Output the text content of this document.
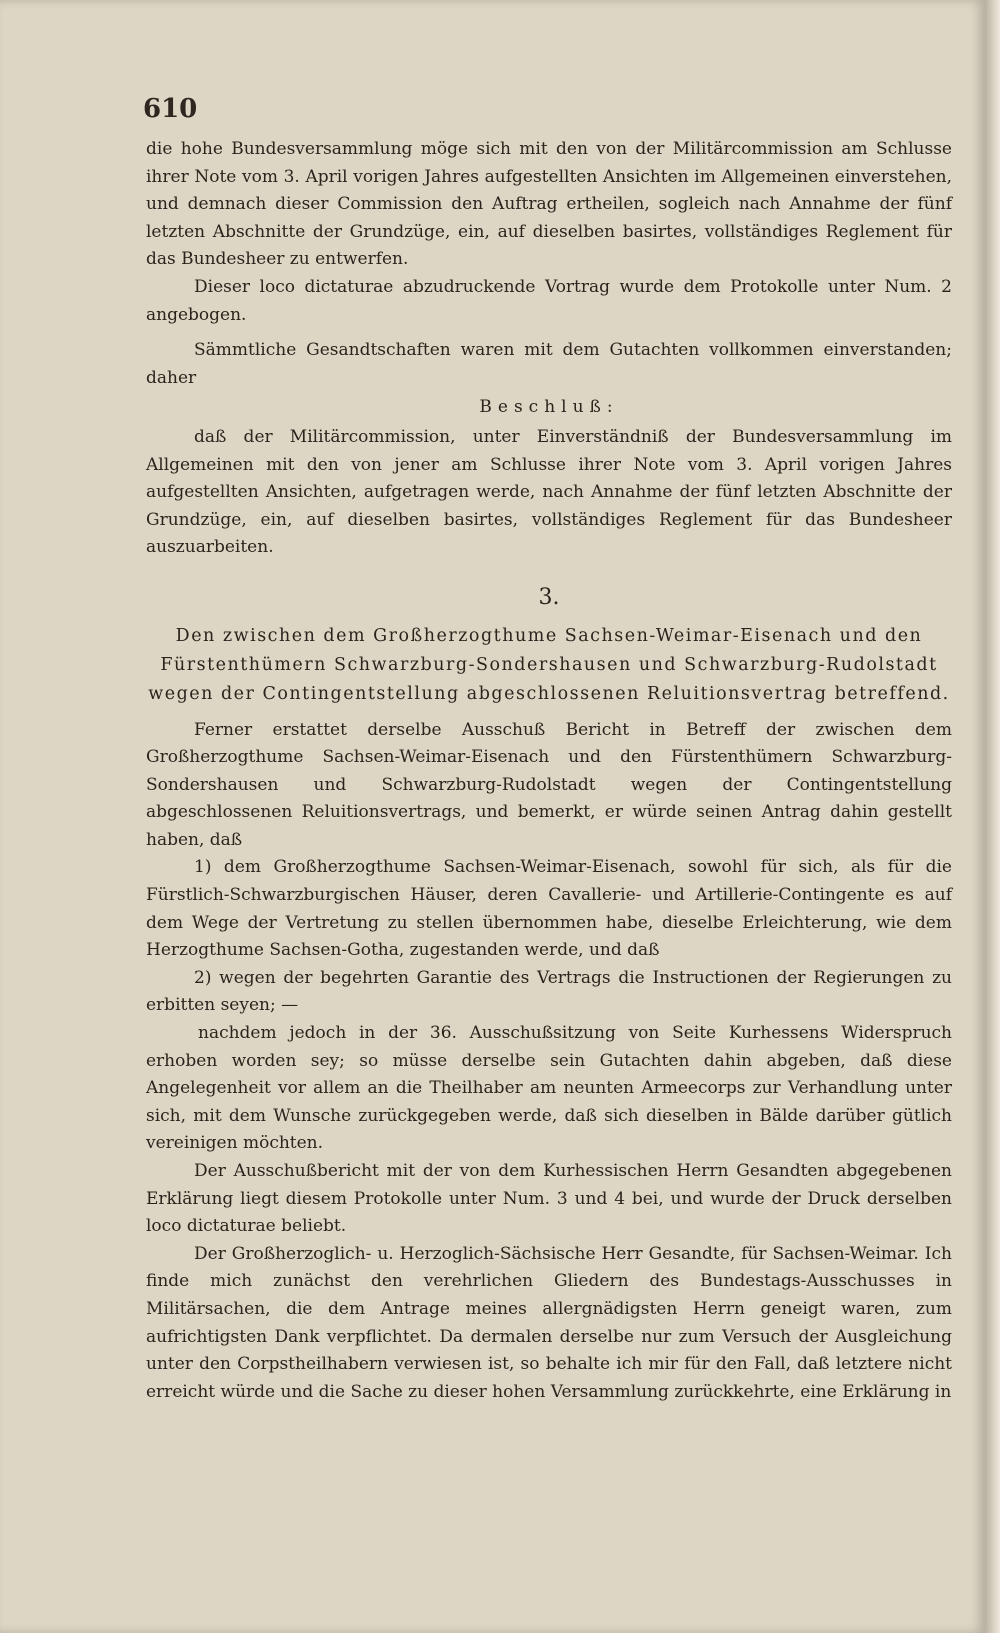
610

die hohe Bundesversammlung möge sich mit den von der Militärcommission am Schlusse ihrer Note vom 3. April vorigen Jahres aufgestellten Ansichten im Allgemeinen einverstehen, und demnach dieser Commission den Auftrag ertheilen, sogleich nach Annahme der fünf letzten Abschnitte der Grundzüge, ein, auf dieselben basirtes, vollständiges Reglement für das Bundesheer zu entwerfen.

Dieser loco dictaturae abzudruckende Vortrag wurde dem Protokolle unter Num. 2 angebogen.

Sämmtliche Gesandtschaften waren mit dem Gutachten vollkommen einverstanden; daher

Beschluß:

daß der Militärcommission, unter Einverständniß der Bundesversammlung im Allgemeinen mit den von jener am Schlusse ihrer Note vom 3. April vorigen Jahres aufgestellten Ansichten, aufgetragen werde, nach Annahme der fünf letzten Abschnitte der Grundzüge, ein, auf dieselben basirtes, vollständiges Reglement für das Bundesheer auszuarbeiten.

3.

Den zwischen dem Großherzogthume Sachsen-Weimar-Eisenach und den Fürstenthümern Schwarzburg-Sondershausen und Schwarzburg-Rudolstadt wegen der Contingentstellung abgeschlossenen Reluitionsvertrag betreffend.

Ferner erstattet derselbe Ausschuß Bericht in Betreff der zwischen dem Großherzogthume Sachsen-Weimar-Eisenach und den Fürstenthümern Schwarzburg-Sondershausen und Schwarzburg-Rudolstadt wegen der Contingentstellung abgeschlossenen Reluitionsvertrags, und bemerkt, er würde seinen Antrag dahin gestellt haben, daß

1) dem Großherzogthume Sachsen-Weimar-Eisenach, sowohl für sich, als für die Fürstlich-Schwarzburgischen Häuser, deren Cavallerie- und Artillerie-Contingente es auf dem Wege der Vertretung zu stellen übernommen habe, dieselbe Erleichterung, wie dem Herzogthume Sachsen-Gotha, zugestanden werde, und daß

2) wegen der begehrten Garantie des Vertrags die Instructionen der Regierungen zu erbitten seyen; —

nachdem jedoch in der 36. Ausschußsitzung von Seite Kurhessens Widerspruch erhoben worden sey; so müsse derselbe sein Gutachten dahin abgeben, daß diese Angelegenheit vor allem an die Theilhaber am neunten Armeecorps zur Verhandlung unter sich, mit dem Wunsche zurückgegeben werde, daß sich dieselben in Bälde darüber gütlich vereinigen möchten.

Der Ausschußbericht mit der von dem Kurhessischen Herrn Gesandten abgegebenen Erklärung liegt diesem Protokolle unter Num. 3 und 4 bei, und wurde der Druck derselben loco dictaturae beliebt.

Der Großherzoglich- u. Herzoglich-Sächsische Herr Gesandte, für Sachsen-Weimar. Ich finde mich zunächst den verehrlichen Gliedern des Bundestags-Ausschusses in Militärsachen, die dem Antrage meines allergnädigsten Herrn geneigt waren, zum aufrichtigsten Dank verpflichtet. Da dermalen derselbe nur zum Versuch der Ausgleichung unter den Corpstheilhabern verwiesen ist, so behalte ich mir für den Fall, daß letztere nicht erreicht würde und die Sache zu dieser hohen Versammlung zurückkehrte, eine Erklärung in
